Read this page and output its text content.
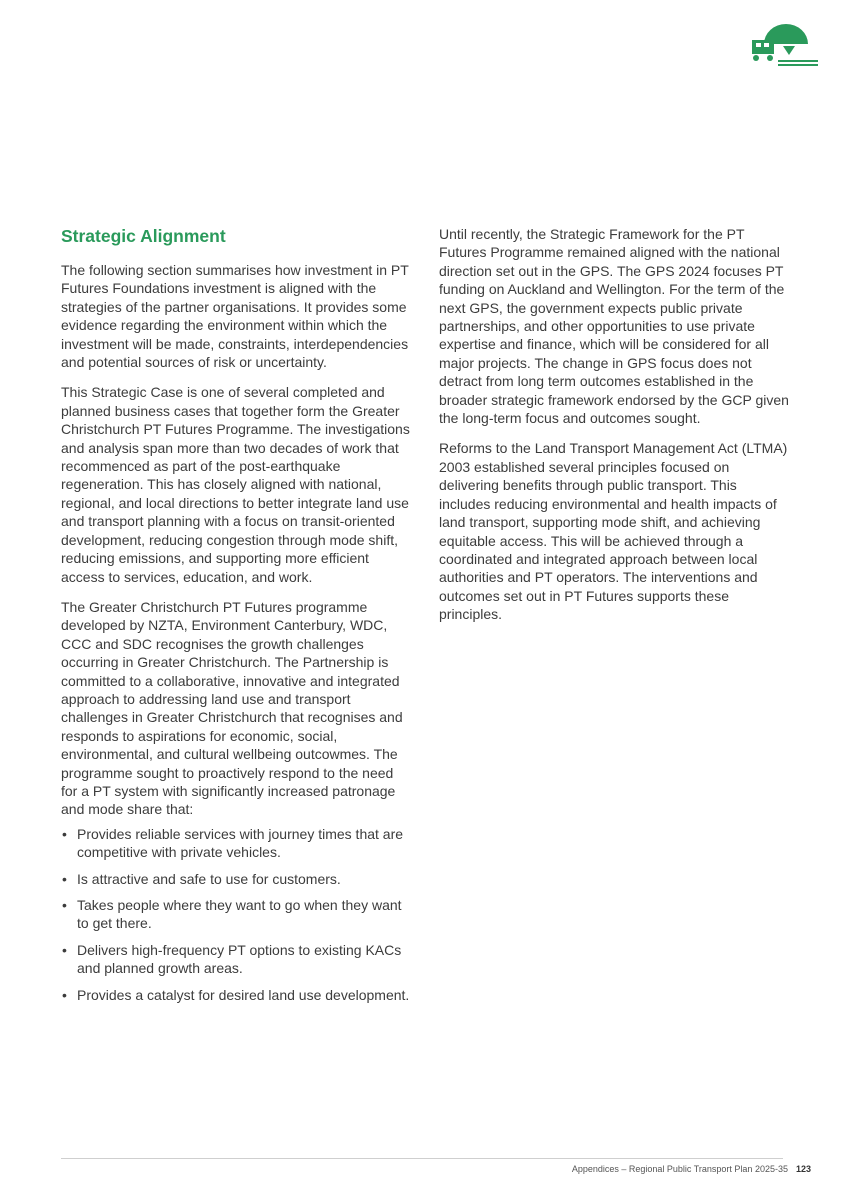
Strategic Alignment

The following section summarises how investment in PT Futures Foundations investment is aligned with the strategies of the partner organisations. It provides some evidence regarding the environment within which the investment will be made, constraints, interdependencies and potential sources of risk or uncertainty.

This Strategic Case is one of several completed and planned business cases that together form the Greater Christchurch PT Futures Programme. The investigations and analysis span more than two decades of work that recommenced as part of the post-earthquake regeneration. This has closely aligned with national, regional, and local directions to better integrate land use and transport planning with a focus on transit-oriented development, reducing congestion through mode shift, reducing emissions, and supporting more efficient access to services, education, and work.

The Greater Christchurch PT Futures programme developed by NZTA, Environment Canterbury, WDC, CCC and SDC recognises the growth challenges occurring in Greater Christchurch. The Partnership is committed to a collaborative, innovative and integrated approach to addressing land use and transport challenges in Greater Christchurch that recognises and responds to aspirations for economic, social, environmental, and cultural wellbeing outcowmes. The programme sought to proactively respond to the need for a PT system with significantly increased patronage and mode share that:

• Provides reliable services with journey times that are competitive with private vehicles.
• Is attractive and safe to use for customers.
• Takes people where they want to go when they want to get there.
• Delivers high-frequency PT options to existing KACs and planned growth areas.
• Provides a catalyst for desired land use development.

Until recently, the Strategic Framework for the PT Futures Programme remained aligned with the national direction set out in the GPS. The GPS 2024 focuses PT funding on Auckland and Wellington. For the term of the next GPS, the government expects public private partnerships, and other opportunities to use private expertise and finance, which will be considered for all major projects. The change in GPS focus does not detract from long term outcomes established in the broader strategic framework endorsed by the GCP given the long-term focus and outcomes sought.

Reforms to the Land Transport Management Act (LTMA) 2003 established several principles focused on delivering benefits through public transport. This includes reducing environmental and health impacts of land transport, supporting mode shift, and achieving equitable access. This will be achieved through a coordinated and integrated approach between local authorities and PT operators. The interventions and outcomes set out in PT Futures supports these principles.

Appendices – Regional Public Transport Plan 2025-35 123
